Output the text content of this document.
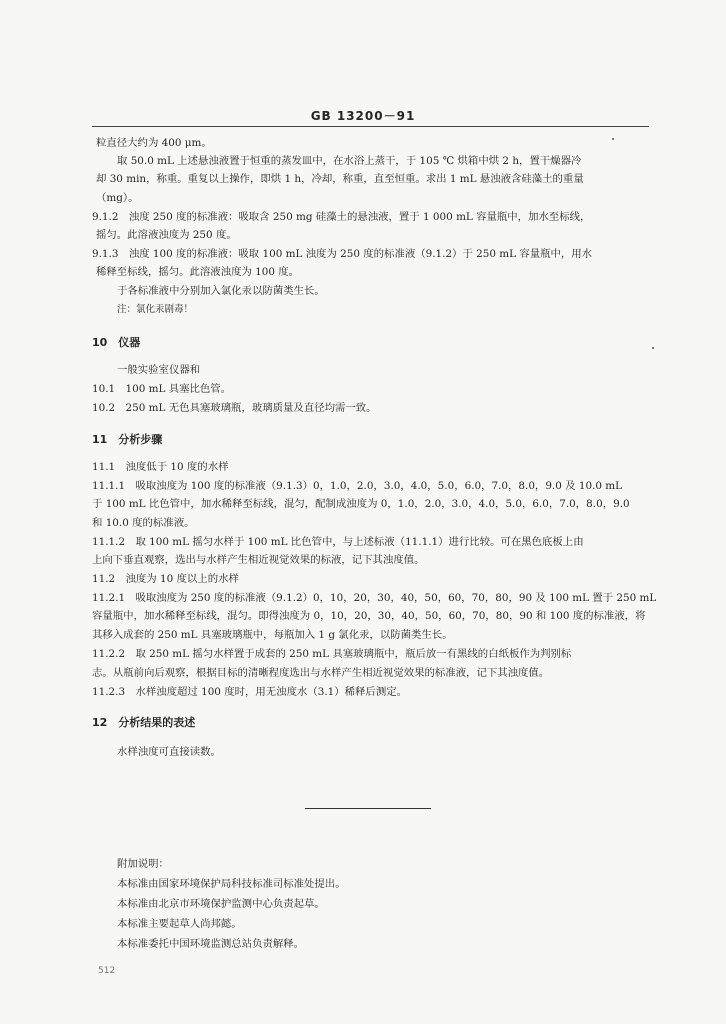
GB 13200－91
粒直径大约为 400 μm。
取 50.0 mL 上述悬浊液置于恒重的蒸发皿中，在水浴上蒸干，于 105 ℃ 烘箱中烘 2 h，置干燥器冷
却 30 min，称重。重复以上操作，即烘 1 h，冷却，称重，直至恒重。求出 1 mL 悬浊液含硅藻土的重量
（mg）。
9.1.2　浊度 250 度的标准液：吸取含 250 mg 硅藻土的悬浊液，置于 1 000 mL 容量瓶中，加水至标线，
摇匀。此溶液浊度为 250 度。
9.1.3　浊度 100 度的标准液：吸取 100 mL 浊度为 250 度的标准液（9.1.2）于 250 mL 容量瓶中，用水
稀释至标线，摇匀。此溶液浊度为 100 度。
于各标准液中分别加入氯化汞以防菌类生长。
注：氯化汞剧毒！
10　仪器
一般实验室仪器和
10.1　100 mL 具塞比色管。
10.2　250 mL 无色具塞玻璃瓶，玻璃质量及直径均需一致。
11　分析步骤
11.1　浊度低于 10 度的水样
11.1.1　吸取浊度为 100 度的标准液（9.1.3）0，1.0，2.0，3.0，4.0，5.0，6.0，7.0，8.0，9.0 及 10.0 mL
于 100 mL 比色管中，加水稀释至标线，混匀，配制成浊度为 0，1.0，2.0，3.0，4.0，5.0，6.0，7.0，8.0，9.0
和 10.0 度的标准液。
11.1.2　取 100 mL 摇匀水样于 100 mL 比色管中，与上述标液（11.1.1）进行比较。可在黑色底板上由
上向下垂直观察，选出与水样产生相近视觉效果的标液，记下其浊度值。
11.2　浊度为 10 度以上的水样
11.2.1　吸取浊度为 250 度的标准液（9.1.2）0，10，20，30，40，50，60，70，80，90 及 100 mL 置于 250 mL
容量瓶中，加水稀释至标线，混匀。即得浊度为 0，10，20，30，40，50，60，70，80，90 和 100 度的标准液，将
其移入成套的 250 mL 具塞玻璃瓶中，每瓶加入 1 g 氯化汞，以防菌类生长。
11.2.2　取 250 mL 摇匀水样置于成套的 250 mL 具塞玻璃瓶中，瓶后放一有黑线的白纸板作为判别标
志。从瓶前向后观察，根据目标的清晰程度选出与水样产生相近视觉效果的标准液，记下其浊度值。
11.2.3　水样浊度超过 100 度时，用无浊度水（3.1）稀释后测定。
12　分析结果的表述
水样浊度可直接读数。
附加说明：
本标准由国家环境保护局科技标准司标准处提出。
本标准由北京市环境保护监测中心负责起草。
本标准主要起草人尚邦懿。
本标准委托中国环境监测总站负责解释。
512
